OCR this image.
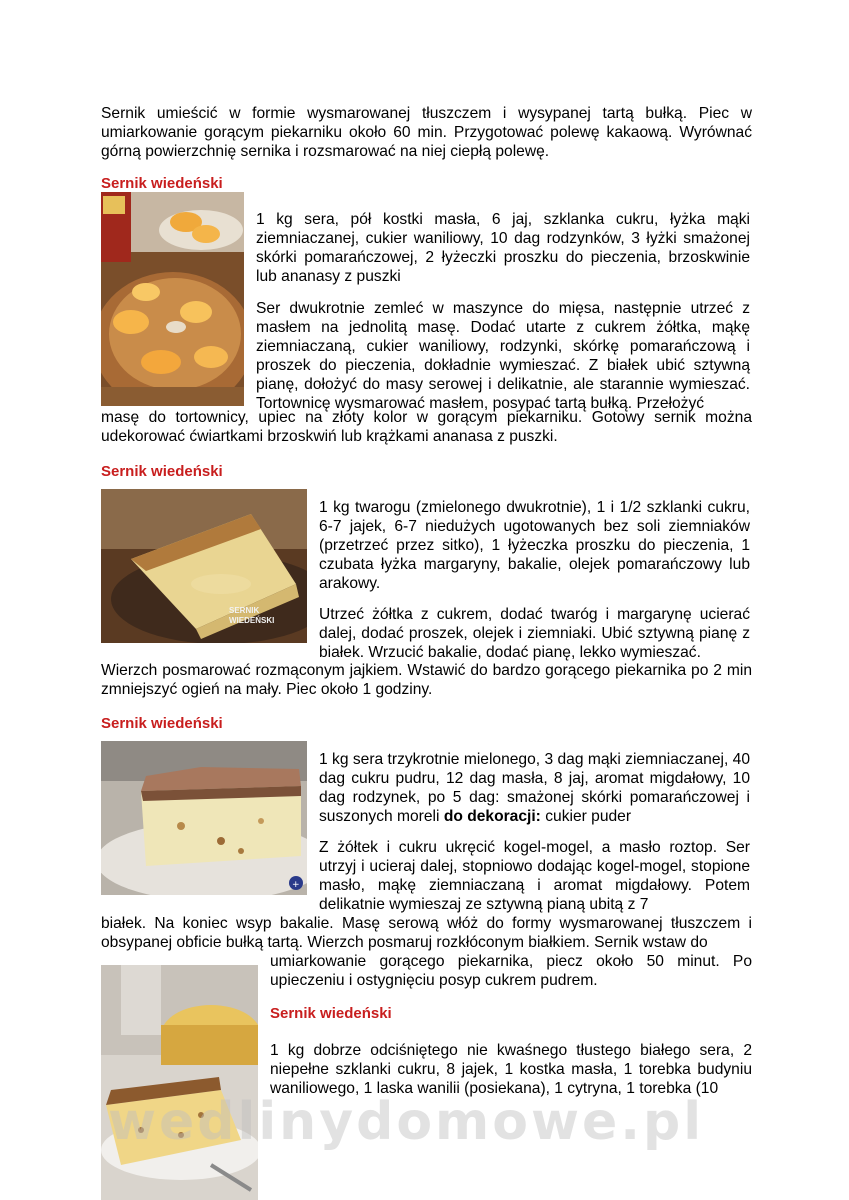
Sernik umieścić w formie wysmarowanej tłuszczem i wysypanej tartą bułką. Piec w umiarkowanie gorącym piekarniku około 60 min. Przygotować polewę kakaową. Wyrównać górną powierzchnię sernika i rozsmarować na niej ciepłą polewę.

Sernik wiedeński

1 kg sera, pół kostki masła, 6 jaj, szklanka cukru, łyżka mąki ziemniaczanej, cukier waniliowy, 10 dag rodzynków, 3 łyżki smażonej skórki pomarańczowej, 2 łyżeczki proszku do pieczenia, brzoskwinie lub ananasy z puszki

Ser dwukrotnie zemleć w maszynce do mięsa, następnie utrzeć z masłem na jednolitą masę. Dodać utarte z cukrem żółtka, mąkę ziemniaczaną, cukier waniliowy, rodzynki, skórkę pomarańczową i proszek do pieczenia, dokładnie wymieszać. Z białek ubić sztywną pianę, dołożyć do masy serowej i delikatnie, ale starannie wymieszać. Tortownicę wysmarować masłem, posypać tartą bułką. Przełożyć

masę do tortownicy, upiec na złoty kolor w gorącym piekarniku. Gotowy sernik można udekorować ćwiartkami brzoskwiń lub krążkami ananasa z puszki.

Sernik wiedeński
SERNIK
WIEDEŃSKI

1 kg twarogu (zmielonego dwukrotnie), 1 i 1/2 szklanki cukru, 6-7 jajek, 6-7 niedużych ugotowanych bez soli ziemniaków (przetrzeć przez sitko), 1 łyżeczka proszku do pieczenia, 1 czubata łyżka margaryny, bakalie, olejek pomarańczowy lub arakowy.

Utrzeć żółtka z cukrem, dodać twaróg i margarynę ucierać dalej, dodać proszek, olejek i ziemniaki. Ubić sztywną pianę z białek. Wrzucić bakalie, dodać pianę, lekko wymieszać.

Wierzch posmarować rozmąconym jajkiem. Wstawić do bardzo gorącego piekarnika po 2 min zmniejszyć ogień na mały. Piec około 1 godziny.

Sernik wiedeński
+

1 kg sera trzykrotnie mielonego, 3 dag mąki ziemniaczanej, 40 dag cukru pudru, 12 dag masła, 8 jaj, aromat migdałowy, 10 dag rodzynek, po 5 dag: smażonej skórki pomarańczowej i suszonych moreli do dekoracji: cukier puder

Z żółtek i cukru ukręcić kogel-mogel, a masło roztop. Ser utrzyj i ucieraj dalej, stopniowo dodając kogel-mogel, stopione masło, mąkę ziemniaczaną i aromat migdałowy. Potem delikatnie wymieszaj ze sztywną pianą ubitą z 7

białek. Na koniec wsyp bakalie. Masę serową włóż do formy wysmarowanej tłuszczem i obsypanej obficie bułką tartą. Wierzch posmaruj rozkłóconym białkiem. Sernik wstaw do

umiarkowanie gorącego piekarnika, piecz około 50 minut. Po upieczeniu i ostygnięciu posyp cukrem pudrem.

Sernik wiedeński

1 kg dobrze odciśniętego nie kwaśnego tłustego białego sera, 2 niepełne szklanki cukru, 8 jajek, 1 kostka masła, 1 torebka budyniu waniliowego, 1 laska wanilii (posiekana), 1 cytryna, 1 torebka (10

wedlinydomowe.pl
